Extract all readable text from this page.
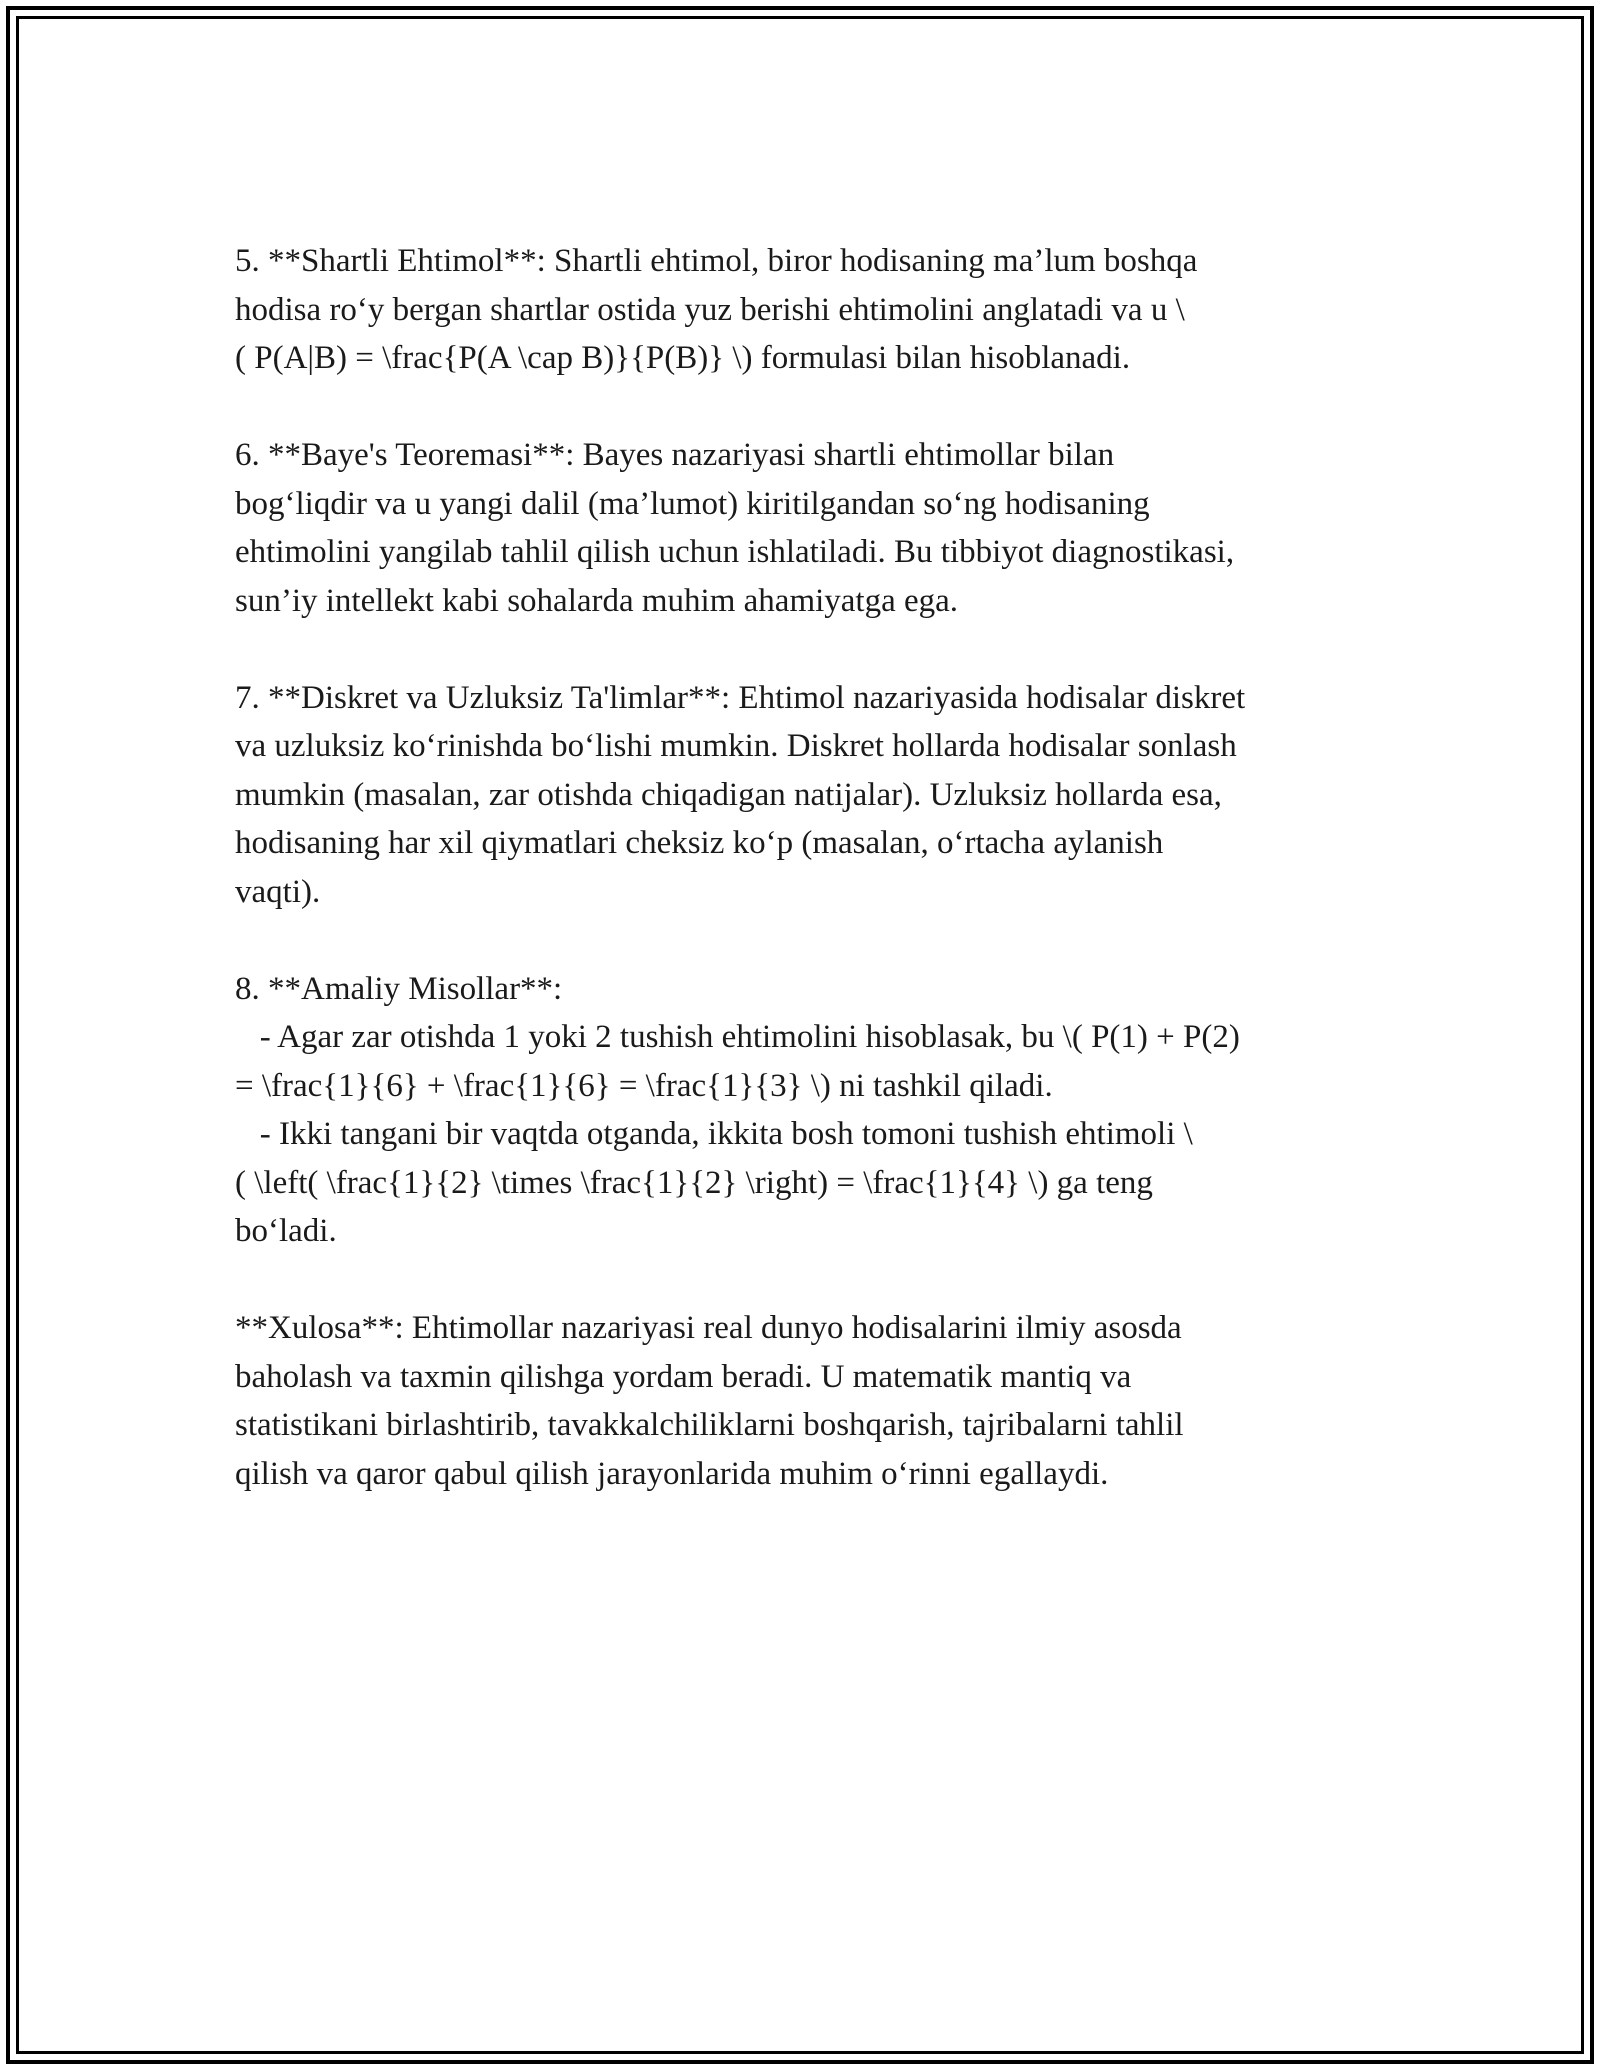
5. **Shartli Ehtimol**: Shartli ehtimol, biror hodisaning ma’lum boshqa
hodisa ro‘y bergan shartlar ostida yuz berishi ehtimolini anglatadi va u \
( P(A|B) = \frac{P(A \cap B)}{P(B)} \) formulasi bilan hisoblanadi.
6. **Baye's Teoremasi**: Bayes nazariyasi shartli ehtimollar bilan
bog‘liqdir va u yangi dalil (ma’lumot) kiritilgandan so‘ng hodisaning
ehtimolini yangilab tahlil qilish uchun ishlatiladi. Bu tibbiyot diagnostikasi,
sun’iy intellekt kabi sohalarda muhim ahamiyatga ega.
7. **Diskret va Uzluksiz Ta'limlar**: Ehtimol nazariyasida hodisalar diskret
va uzluksiz ko‘rinishda bo‘lishi mumkin. Diskret hollarda hodisalar sonlash
mumkin (masalan, zar otishda chiqadigan natijalar). Uzluksiz hollarda esa,
hodisaning har xil qiymatlari cheksiz ko‘p (masalan, o‘rtacha aylanish
vaqti).
8. **Amaliy Misollar**:
- Agar zar otishda 1 yoki 2 tushish ehtimolini hisoblasak, bu \( P(1) + P(2)
= \frac{1}{6} + \frac{1}{6} = \frac{1}{3} \) ni tashkil qiladi.
- Ikki tangani bir vaqtda otganda, ikkita bosh tomoni tushish ehtimoli \
( \left( \frac{1}{2} \times \frac{1}{2} \right) = \frac{1}{4} \) ga teng
bo‘ladi.
**Xulosa**: Ehtimollar nazariyasi real dunyo hodisalarini ilmiy asosda
baholash va taxmin qilishga yordam beradi. U matematik mantiq va
statistikani birlashtirib, tavakkalchiliklarni boshqarish, tajribalarni tahlil
qilish va qaror qabul qilish jarayonlarida muhim o‘rinni egallaydi.
